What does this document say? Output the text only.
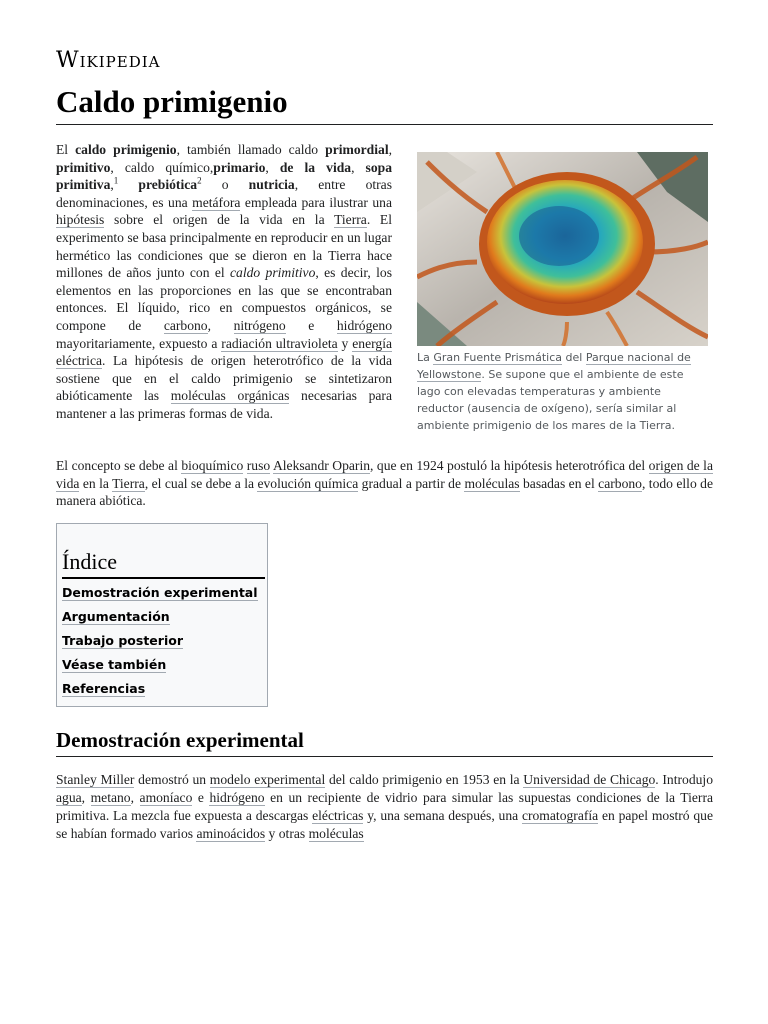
Wikipedia
Caldo primigenio

El caldo primigenio, también llamado caldo primordial, primitivo, caldo químico,primario, de la vida, sopa primitiva,$^1$ prebiótica$^2$ o nutricia, entre otras denominaciones, es una metáfora empleada para ilustrar una hipótesis sobre el origen de la vida en la Tierra. El experimento se basa principalmente en reproducir en un lugar hermético las condiciones que se dieron en la Tierra hace millones de años junto con el caldo primitivo, es decir, los elementos en las proporciones en las que se encontraban entonces. El líquido, rico en compuestos orgánicos, se compone de carbono, nitrógeno e hidrógeno mayoritariamente, expuesto a radiación ultravioleta y energía eléctrica. La hipótesis de origen heterotrófico de la vida sostiene que en el caldo primigenio se sintetizaron abióticamente las moléculas orgánicas necesarias para mantener a las primeras formas de vida.

La Gran Fuente Prismática del Parque nacional de Yellowstone. Se supone que el ambiente de este lago con elevadas temperaturas y ambiente reductor (ausencia de oxígeno), sería similar al ambiente primigenio de los mares de la Tierra.

El concepto se debe al bioquímico ruso Aleksandr Oparin, que en 1924 postuló la hipótesis heterotrófica del origen de la vida en la Tierra, el cual se debe a la evolución química gradual a partir de moléculas basadas en el carbono, todo ello de manera abiótica.

Índice
Demostración experimental
Argumentación
Trabajo posterior
Véase también
Referencias
Demostración experimental

Stanley Miller demostró un modelo experimental del caldo primigenio en 1953 en la Universidad de Chicago. Introdujo agua, metano, amoníaco e hidrógeno en un recipiente de vidrio para simular las supuestas condiciones de la Tierra primitiva. La mezcla fue expuesta a descargas eléctricas y, una semana después, una cromatografía en papel mostró que se habían formado varios aminoácidos y otras moléculas
